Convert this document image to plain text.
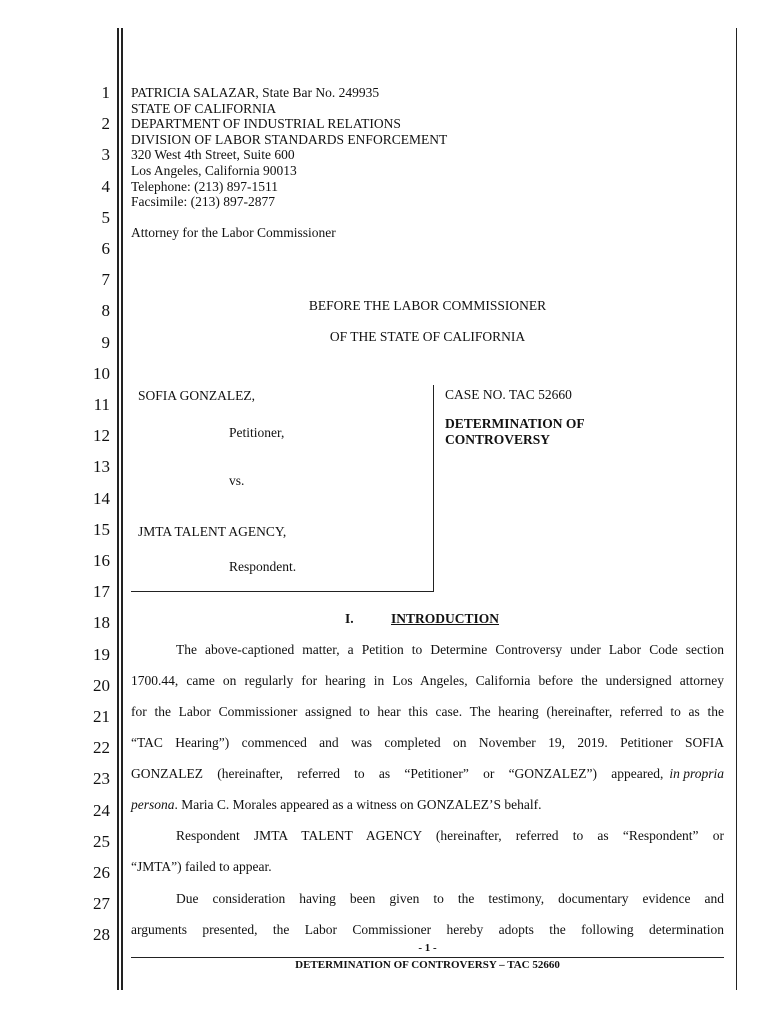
1
2
3
4
5
6
7
8
9
10
11
12
13
14
15
16
17
18
19
20
21
22
23
24
25
26
27
28
PATRICIA SALAZAR, State Bar No. 249935
STATE OF CALIFORNIA
DEPARTMENT OF INDUSTRIAL RELATIONS
DIVISION OF LABOR STANDARDS ENFORCEMENT
320 West 4th Street, Suite 600
Los Angeles, California 90013
Telephone: (213) 897-1511
Facsimile: (213) 897-2877
Attorney for the Labor Commissioner
BEFORE THE LABOR COMMISSIONER
OF THE STATE OF CALIFORNIA
SOFIA GONZALEZ,
Petitioner,
vs.
JMTA TALENT AGENCY,
Respondent.
CASE NO. TAC 52660
DETERMINATION OF
CONTROVERSY
I.	INTRODUCTION
The above-captioned matter, a Petition to Determine Controversy under Labor Code section
1700.44, came on regularly for hearing in Los Angeles, California before the undersigned attorney
for the Labor Commissioner assigned to hear this case. The hearing (hereinafter, referred to as the
“TAC Hearing”) commenced and was completed on November 19, 2019. Petitioner SOFIA
GONZALEZ (hereinafter, referred to as “Petitioner” or “GONZALEZ”) appeared, in propria
persona. Maria C. Morales appeared as a witness on GONZALEZ’S behalf.
Respondent JMTA TALENT AGENCY (hereinafter, referred to as “Respondent” or
“JMTA”) failed to appear.
Due consideration having been given to the testimony, documentary evidence and
arguments presented, the Labor Commissioner hereby adopts the following determination
- 1 -
DETERMINATION OF CONTROVERSY – TAC 52660
